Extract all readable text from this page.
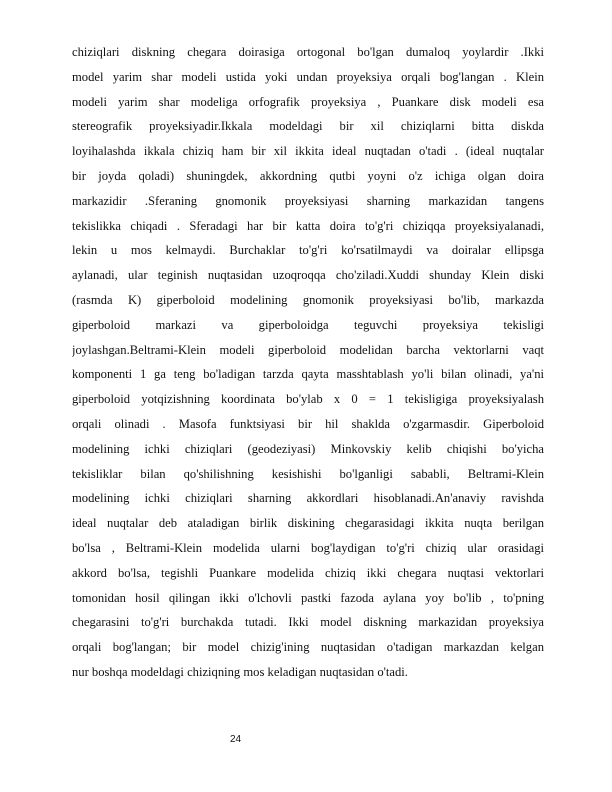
chiziqlari diskning chegara doirasiga ortogonal bo'lgan dumaloq yoylardir .Ikki
model yarim shar modeli ustida yoki undan proyeksiya orqali bog'langan . Klein
modeli yarim shar modeliga orfografik proyeksiya , Puankare disk modeli esa
stereografik proyeksiyadir.Ikkala modeldagi bir xil chiziqlarni bitta diskda
loyihalashda ikkala chiziq ham bir xil ikkita ideal nuqtadan o'tadi . (ideal nuqtalar
bir joyda qoladi) shuningdek, akkordning qutbi yoyni o'z ichiga olgan doira
markazidir .Sferaning gnomonik proyeksiyasi sharning markazidan tangens
tekislikka chiqadi . Sferadagi har bir katta doira to'g'ri chiziqqa proyeksiyalanadi,
lekin u mos kelmaydi. Burchaklar to'g'ri ko'rsatilmaydi va doiralar ellipsga
aylanadi, ular teginish nuqtasidan uzoqroqqa cho'ziladi.Xuddi shunday Klein diski
(rasmda K) giperboloid modelining gnomonik proyeksiyasi bo'lib, markazda
giperboloid markazi va giperboloidga teguvchi proyeksiya tekisligi
joylashgan.Beltrami-Klein modeli giperboloid modelidan barcha vektorlarni vaqt
komponenti 1 ga teng bo'ladigan tarzda qayta masshtablash yo'li bilan olinadi, ya'ni
giperboloid yotqizishning koordinata bo'ylab x 0 = 1 tekisligiga proyeksiyalash
orqali olinadi . Masofa funktsiyasi bir hil shaklda o'zgarmasdir. Giperboloid
modelining ichki chiziqlari (geodeziyasi) Minkovskiy kelib chiqishi bo'yicha
tekisliklar bilan qo'shilishning kesishishi bo'lganligi sababli, Beltrami-Klein
modelining ichki chiziqlari sharning akkordlari hisoblanadi.An'anaviy ravishda
ideal nuqtalar deb ataladigan birlik diskining chegarasidagi ikkita nuqta berilgan
bo'lsa , Beltrami-Klein modelida ularni bog'laydigan to'g'ri chiziq ular orasidagi
akkord bo'lsa, tegishli Puankare modelida chiziq ikki chegara nuqtasi vektorlari
tomonidan hosil qilingan ikki o'lchovli pastki fazoda aylana yoy bo'lib , to'pning
chegarasini to'g'ri burchakda tutadi. Ikki model diskning markazidan proyeksiya
orqali bog'langan; bir model chizig'ining nuqtasidan o'tadigan markazdan kelgan
nur boshqa modeldagi chiziqning mos keladigan nuqtasidan o'tadi.
24
